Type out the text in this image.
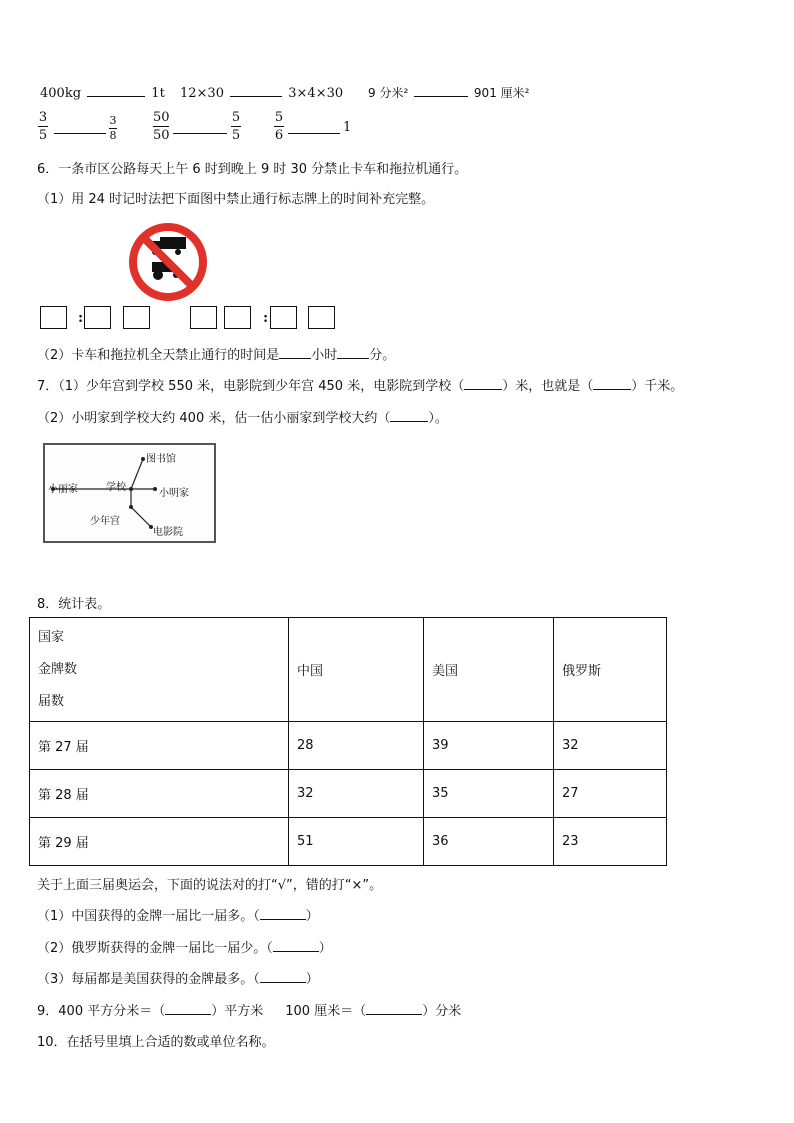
400kg	1t 12×30	3×4×30 9 分米²	901 厘米²
3
5
3
8
50
50
5
5
5
6
1
6．一条市区公路每天上午 6 时到晚上 9 时 30 分禁止卡车和拖拉机通行。
（1）用 24 时记时法把下面图中禁止通行标志牌上的时间补充完整。
:	:
（2）卡车和拖拉机全天禁止通行的时间是 小时 分。
7．（1）少年宫到学校 550 米，电影院到少年宫 450 米，电影院到学校（	）米，也就是（	）千米。
（2）小明家到学校大约 400 米，估一估小丽家到学校大约（	）。
图书馆
小丽家	学校
小明家
少年宫
电影院
8．统计表。
国家
金牌数
届数	中国	美国	俄罗斯
第 27 届	28	39	32
第 28 届	32	35	27
第 29 届	51	36	23
关于上面三届奥运会，下面的说法对的打“√”，错的打“×”。
（1）中国获得的金牌一届比一届多。（	）
（2）俄罗斯获得的金牌一届比一届少。（	）
（3）每届都是美国获得的金牌最多。（	）
9．400 平方分米＝（	）平方米 100 厘米＝（	）分米
10．在括号里填上合适的数或单位名称。
